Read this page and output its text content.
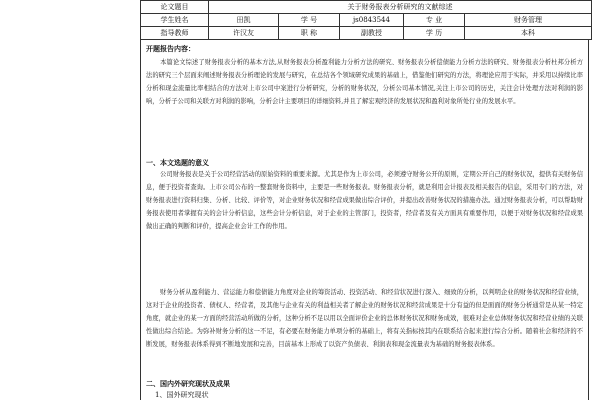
论文题目	关于财务报表分析研究的文献综述				
学生姓名	田凯	学 号	js0843544	专 业	财务管理
指导教师	许汉友	职 称	副教授	学 历	本科
开题报告内容：

本篇论文综述了财务报表分析的基本方法,从财务报表分析盈利能力分析方法的研究、财务报表分析偿债能力分析方法的研究、财务报表分析杜邦分析方法的研究三个层面来阐述财务报表分析理论的发展与研究，在总结各个领域研究成果的基础上，借鉴他们研究的方法，将理论应用于实际，并采用以持续比率分析和现金流量比率相结合的方法对上市公司中案进行分析研究，分析的财务状况，分析公司基本情况,关注上市公司的历史，关注会计处理方法对利润的影响，分析子公司和关联方对利润的影响，分析会计主要项目的详细资料,并且了解宏观经济的发展状况和盈利对象所处行业的发展水平。

一、本文选题的意义

公司财务报表是关于公司经营活动的原始资料的重要来源。尤其是作为上市公司，必须遵守财务公开的原则，定期公开自己的财务状况，提供有关财务信息，便于投资者查询。上市公司公布的一整套财务资料中，主要是一些财务报表。财务报表分析，就是利用会计报表及相关报告的信息，采用专门的方法，对财务报表进行资料归集、分析、比较、评价等，对企业财务状况和经营成果做出综合评价，并提出改善财务状况的措施办法。通过财务报表分析，可以帮助财务报表使用者掌握有关的会计分析信息，这些会计分析信息，对于企业的主管部门，投资者，经营者及有关方面具有重要作用，以便于对财务状况和经营成果做出正确的判断和评价，提高企业会计工作的作用。

财务分析从盈利能力、营运能力和偿债能力角度对企业的筹资活动、投资活动、和经营状况进行深入、细致的分析，以判明企业的财务状况和经营业绩，这对于企业的投资者、债权人、经营者，及其他与企业有关的利益相关者了解企业的财务状况和经营成果是十分有益的但是面面的财务分析通常是从某一特定角度，就企业的某一方面的经营活动所做的分析，这种分析不足以用以全面评价企业的总体财务状况和财务成效，很难对企业总体财务状况和经营业绩的关联性做出综合结论。为弥补财务分析的这一不足，有必要在财务能力单项分析的基础上，将有关指标按其内在联系结合起来进行综合分析。随着社会和经济的不断发展，财务报表体系得到不断地发展和完善，目前基本上形成了以资产负债表、利润表和现金流量表为基础的财务报表体系。

二、国内外研究现状及成果
1、国外研究现状
